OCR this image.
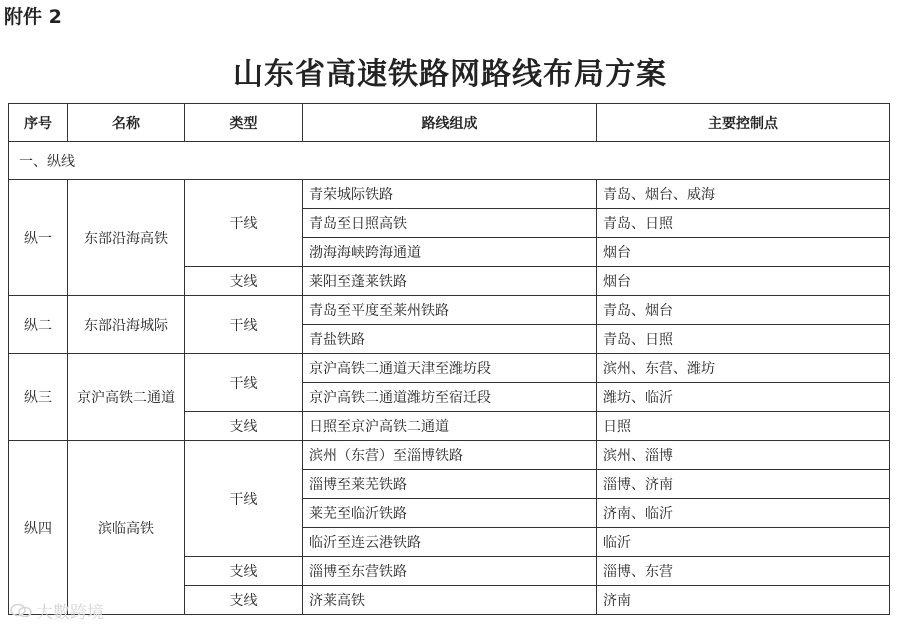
附件 2
山东省高速铁路网路线布局方案
序号	名称	类型	路线组成	主要控制点
一、纵线				
纵一	东部沿海高铁	干线	青荣城际铁路	青岛、烟台、威海
			青岛至日照高铁	青岛、日照
			渤海海峡跨海通道	烟台
		支线	莱阳至蓬莱铁路	烟台
纵二	东部沿海城际	干线	青岛至平度至莱州铁路	青岛、烟台
			青盐铁路	青岛、日照
纵三	京沪高铁二通道	干线	京沪高铁二通道天津至潍坊段	滨州、东营、潍坊
			京沪高铁二通道潍坊至宿迁段	潍坊、临沂
		支线	日照至京沪高铁二通道	日照
纵四	滨临高铁	干线	滨州（东营）至淄博铁路	滨州、淄博
			淄博至莱芜铁路	淄博、济南
			莱芜至临沂铁路	济南、临沂
			临沂至连云港铁路	临沂
		支线	淄博至东营铁路	淄博、东营
		支线	济莱高铁	济南
大數跨境
